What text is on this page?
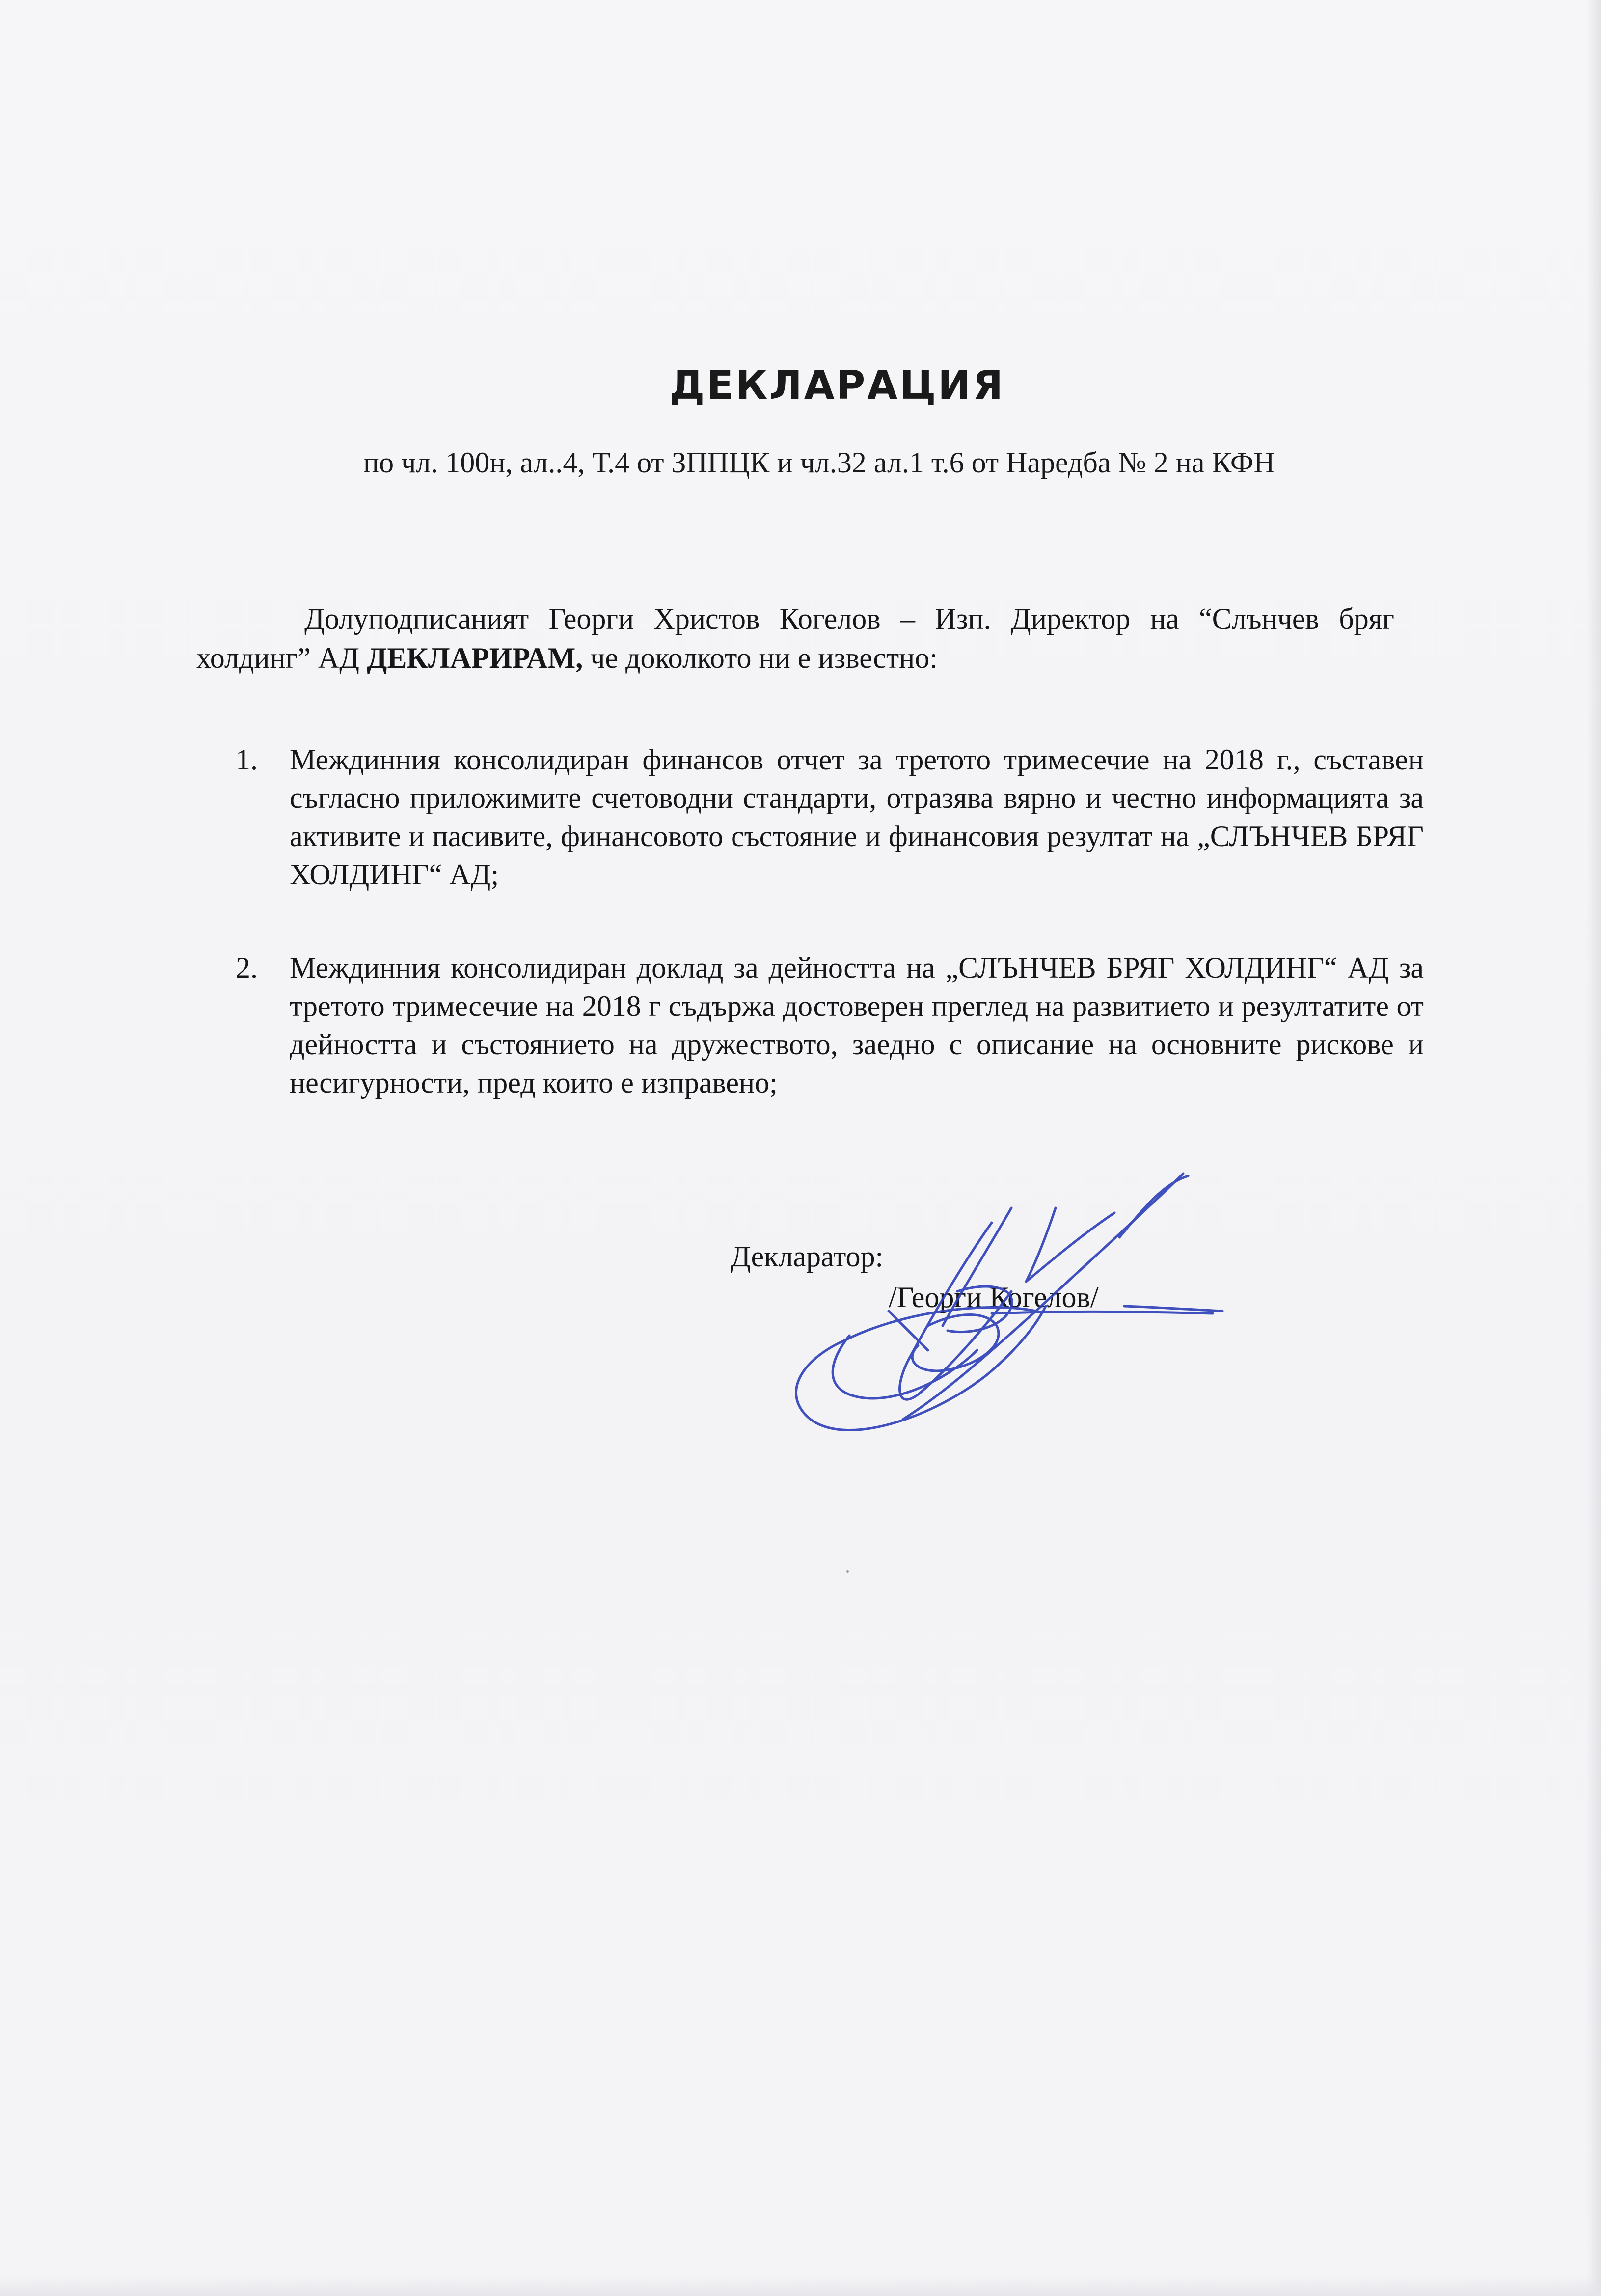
ДЕКЛАРАЦИЯ
по чл. 100н, ал..4, Т.4 от ЗППЦК и чл.32 ал.1 т.6 от Наредба № 2 на КФН
Долуподписаният Георги Христов Когелов – Изп. Директор на “Слънчев бряг холдинг” АД ДЕКЛАРИРАМ, че доколкото ни е известно:
1.	Междинния консолидиран финансов отчет за третото тримесечие на 2018 г., съставен съгласно приложимите счетоводни стандарти, отразява вярно и честно информацията за активите и пасивите, финансовото състояние и финансовия резултат на „СЛЪНЧЕВ БРЯГ ХОЛДИНГ“ АД;
2.	Междинния консолидиран доклад за дейността на „СЛЪНЧЕВ БРЯГ ХОЛДИНГ“ АД за третото тримесечие на 2018 г съдържа достоверен преглед на развитието и резултатите от дейността и състоянието на дружеството, заедно с описание на основните рискове и несигурности, пред които е изправено;
Декларатор:
/Георги Когелов/
